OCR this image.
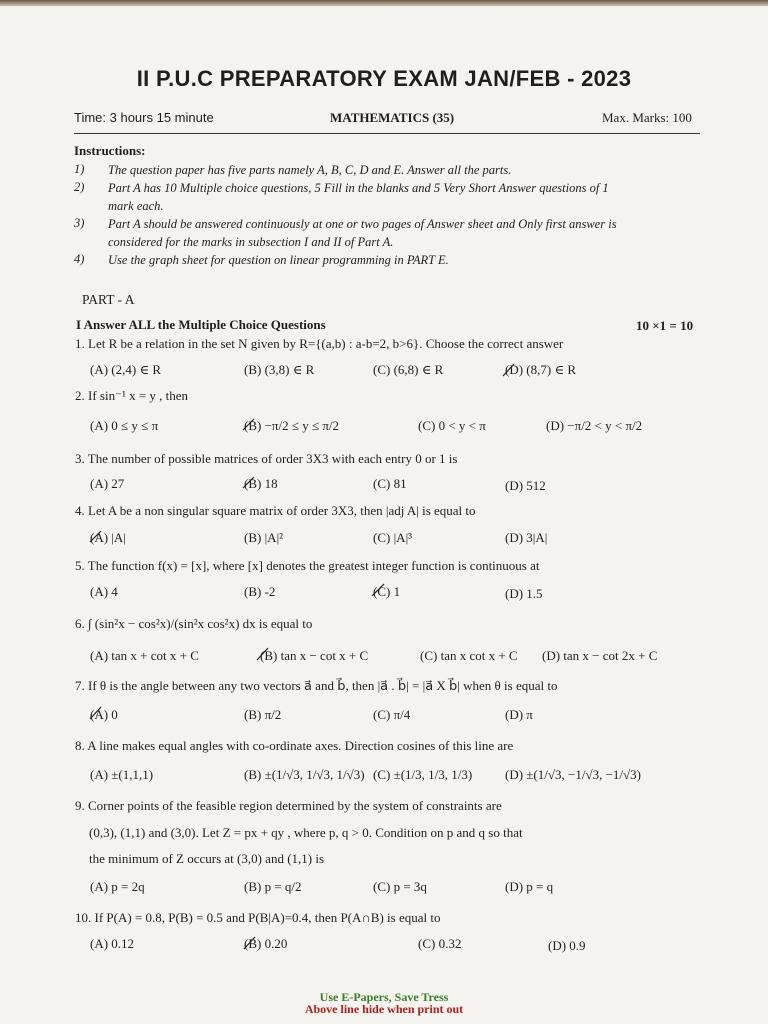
II P.U.C PREPARATORY EXAM JAN/FEB - 2023
Time: 3 hours 15 minute	MATHEMATICS (35)	Max. Marks: 100
Instructions:
1) The question paper has five parts namely A, B, C, D and E. Answer all the parts.
2) Part A has 10 Multiple choice questions, 5 Fill in the blanks and 5 Very Short Answer questions of 1 mark each.
3) Part A should be answered continuously at one or two pages of Answer sheet and Only first answer is considered for the marks in subsection I and II of Part A.
4) Use the graph sheet for question on linear programming in PART E.
PART - A
I Answer ALL the Multiple Choice Questions	10 ×1 = 10
1. Let R be a relation in the set N given by R={(a,b) : a-b=2, b>6}. Choose the correct answer
(A) (2,4) ∈ R	(B) (3,8) ∈ R	(C) (6,8) ∈ R	(D) (8,7) ∈ R
2. If sin⁻¹ x = y , then
(A) 0 ≤ y ≤ π	(B) −π/2 ≤ y ≤ π/2	(C) 0 < y < π	(D) −π/2 < y < π/2
3. The number of possible matrices of order 3X3 with each entry 0 or 1 is
(A) 27	(B) 18	(C) 81	(D) 512
4. Let A be a non singular square matrix of order 3X3, then |adj A| is equal to
(A) |A|	(B) |A|²	(C) |A|³	(D) 3|A|
5. The function f(x) = [x], where [x] denotes the greatest integer function is continuous at
(A) 4	(B) -2	(C) 1	(D) 1.5
6. ∫ (sin²x − cos²x)/(sin²x cos²x) dx is equal to
(A) tan x + cot x + C	(B) tan x − cot x + C	(C) tan x cot x + C (D) tan x − cot 2x + C
7. If θ is the angle between any two vectors a⃗ and b⃗, then |a⃗ . b⃗| = |a⃗ X b⃗| when θ is equal to
(A) 0	(B) π/2	(C) π/4	(D) π
8. A line makes equal angles with co-ordinate axes. Direction cosines of this line are
(A) ±(1,1,1)	(B) ±(1/√3, 1/√3, 1/√3) (C) ±(1/3, 1/3, 1/3)	(D) ±(1/√3, −1/√3, −1/√3)
9. Corner points of the feasible region determined by the system of constraints are
(0,3), (1,1) and (3,0). Let Z = px + qy , where p, q > 0. Condition on p and q so that
the minimum of Z occurs at (3,0) and (1,1) is
(A) p = 2q	(B) p = q/2	(C) p = 3q	(D) p = q
10. If P(A) = 0.8, P(B) = 0.5 and P(B|A)=0.4, then P(A∩B) is equal to
(A) 0.12	(B) 0.20	(C) 0.32	(D) 0.9
Use E-Papers, Save Tress
Above line hide when print out
